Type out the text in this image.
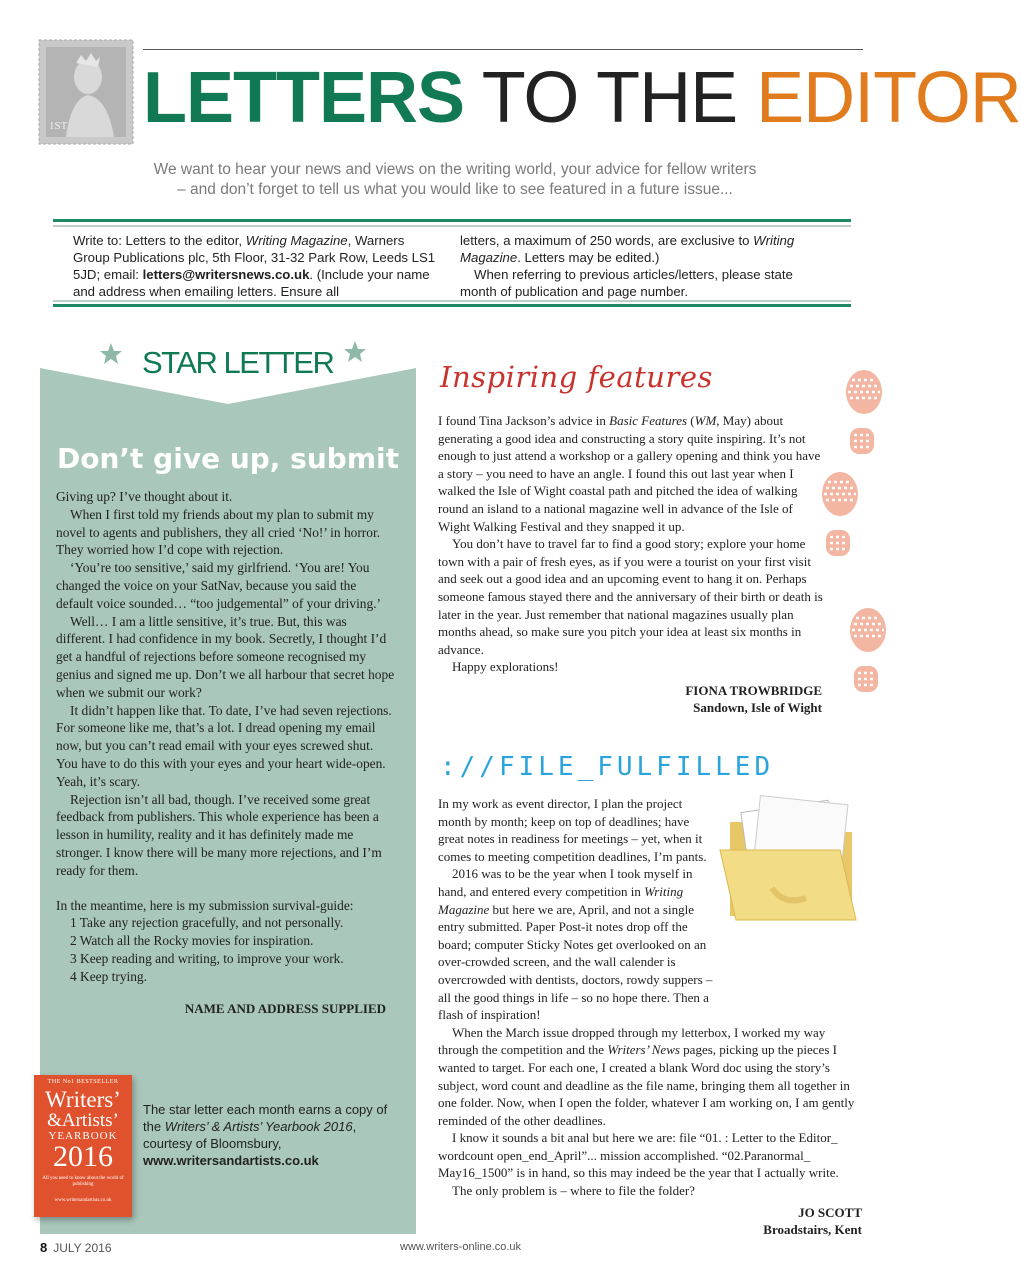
1ST LETTERS TO THE EDITOR
We want to hear your news and views on the writing world, your advice for fellow writers
– and don’t forget to tell us what you would like to see featured in a future issue...
Write to: Letters to the editor, Writing Magazine, Warners Group Publications plc, 5th Floor, 31-32 Park Row, Leeds LS1 5JD; email: letters@writersnews.co.uk. (Include your name and address when emailing letters. Ensure all
letters, a maximum of 250 words, are exclusive to Writing Magazine. Letters may be edited.)
When referring to previous articles/letters, please state month of publication and page number.
STAR LETTER
Don’t give up, submit

Giving up? I’ve thought about it.

When I first told my friends about my plan to submit my novel to agents and publishers, they all cried ‘No!’ in horror. They worried how I’d cope with rejection.

‘You’re too sensitive,’ said my girlfriend. ‘You are! You changed the voice on your SatNav, because you said the default voice sounded… “too judgemental” of your driving.’

Well… I am a little sensitive, it’s true. But, this was different. I had confidence in my book. Secretly, I thought I’d get a handful of rejections before someone recognised my genius and signed me up. Don’t we all harbour that secret hope when we submit our work?

It didn’t happen like that. To date, I’ve had seven rejections. For someone like me, that’s a lot. I dread opening my email now, but you can’t read email with your eyes screwed shut. You have to do this with your eyes and your heart wide-open. Yeah, it’s scary.

Rejection isn’t all bad, though. I’ve received some great feedback from publishers. This whole experience has been a lesson in humility, reality and it has definitely made me stronger. I know there will be many more rejections, and I’m ready for them.

In the meantime, here is my submission survival-guide:

1 Take any rejection gracefully, and not personally.

2 Watch all the Rocky movies for inspiration.

3 Keep reading and writing, to improve your work.

4 Keep trying.

NAME AND ADDRESS SUPPLIED
THE No1 BESTSELLER
Writers’
&Artists’
YEARBOOK
2016
All you need to know about the world of publishing
www.writersandartists.co.uk
The star letter each month earns a copy of the Writers’ & Artists’ Yearbook 2016, courtesy of Bloomsbury,
www.writersandartists.co.uk
Inspiring features

I found Tina Jackson’s advice in Basic Features (WM, May) about generating a good idea and constructing a story quite inspiring. It’s not enough to just attend a workshop or a gallery opening and think you have a story – you need to have an angle. I found this out last year when I walked the Isle of Wight coastal path and pitched the idea of walking round an island to a national magazine well in advance of the Isle of Wight Walking Festival and they snapped it up.

You don’t have to travel far to find a good story; explore your home town with a pair of fresh eyes, as if you were a tourist on your first visit and seek out a good idea and an upcoming event to hang it on. Perhaps someone famous stayed there and the anniversary of their birth or death is later in the year. Just remember that national magazines usually plan months ahead, so make sure you pitch your idea at least six months in advance.

Happy explorations!

FIONA TROWBRIDGE
Sandown, Isle of Wight
://FILE_FULFILLED

In my work as event director, I plan the project month by month; keep on top of deadlines; have great notes in readiness for meetings – yet, when it comes to meeting competition deadlines, I’m pants.

2016 was to be the year when I took myself in hand, and entered every competition in Writing Magazine but here we are, April, and not a single entry submitted. Paper Post-it notes drop off the board; computer Sticky Notes get overlooked on an over-crowded screen, and the wall calender is overcrowded with dentists, doctors, rowdy suppers – all the good things in life – so no hope there. Then a flash of inspiration!

When the March issue dropped through my letterbox, I worked my way through the competition and the Writers’ News pages, picking up the pieces I wanted to target. For each one, I created a blank Word doc using the story’s subject, word count and deadline as the file name, bringing them all together in one folder. Now, when I open the folder, whatever I am working on, I am gently reminded of the other deadlines.

I know it sounds a bit anal but here we are: file “01. : Letter to the Editor_ wordcount open_end_April”... mission accomplished. “02.Paranormal_ May16_1500” is in hand, so this may indeed be the year that I actually write.

The only problem is – where to file the folder?

JO SCOTT
Broadstairs, Kent
8 JULY 2016	www.writers-online.co.uk
